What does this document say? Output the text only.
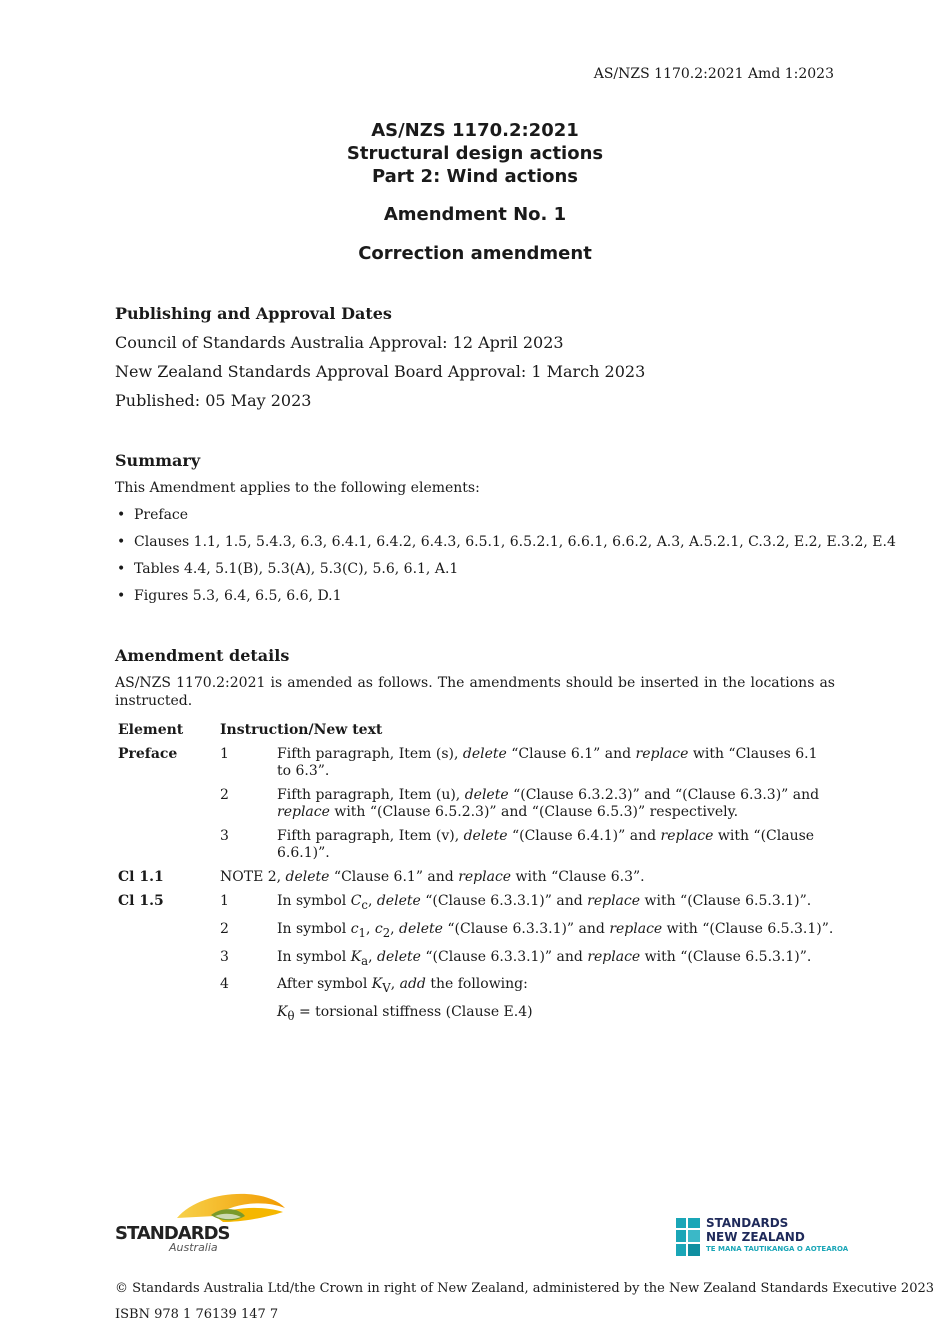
AS/NZS 1170.2:2021 Amd 1:2023
AS/NZS 1170.2:2021
Structural design actions
Part 2: Wind actions
Amendment No. 1
Correction amendment
Publishing and Approval Dates
Council of Standards Australia Approval: 12 April 2023
New Zealand Standards Approval Board Approval: 1 March 2023
Published: 05 May 2023
Summary
This Amendment applies to the following elements:
• Preface
• Clauses 1.1, 1.5, 5.4.3, 6.3, 6.4.1, 6.4.2, 6.4.3, 6.5.1, 6.5.2.1, 6.6.1, 6.6.2, A.3, A.5.2.1, C.3.2, E.2, E.3.2, E.4
• Tables 4.4, 5.1(B), 5.3(A), 5.3(C), 5.6, 6.1, A.1
• Figures 5.3, 6.4, 6.5, 6.6, D.1
Amendment details
AS/NZS 1170.2:2021 is amended as follows. The amendments should be inserted in the locations as instructed.
Element	Instruction/New text	
Preface	1	Fifth paragraph, Item (s), delete “Clause 6.1” and replace with “Clauses 6.1 to 6.3”.
	2	Fifth paragraph, Item (u), delete “(Clause 6.3.2.3)” and “(Clause 6.3.3)” and replace with “(Clause 6.5.2.3)” and “(Clause 6.5.3)” respectively.
	3	Fifth paragraph, Item (v), delete “(Clause 6.4.1)” and replace with “(Clause 6.6.1)”.
Cl 1.1	NOTE 2, delete “Clause 6.1” and replace with “Clause 6.3”.	
Cl 1.5	1	In symbol $C_c$, delete “(Clause 6.3.3.1)” and replace with “(Clause 6.5.3.1)”.
	2	In symbol $c_1$, $c_2$, delete “(Clause 6.3.3.1)” and replace with “(Clause 6.5.3.1)”.
	3	In symbol $K_a$, delete “(Clause 6.3.3.1)” and replace with “(Clause 6.5.3.1)”.
	4	After symbol $K_V$, add the following:
		$K_\theta$ = torsional stiffness (Clause E.4)
STANDARDS
Australia
STANDARDS
NEW ZEALAND
TE MANA TAUTIKANGA O AOTEAROA
© Standards Australia Ltd/the Crown in right of New Zealand, administered by the New Zealand Standards Executive 2023
ISBN 978 1 76139 147 7
